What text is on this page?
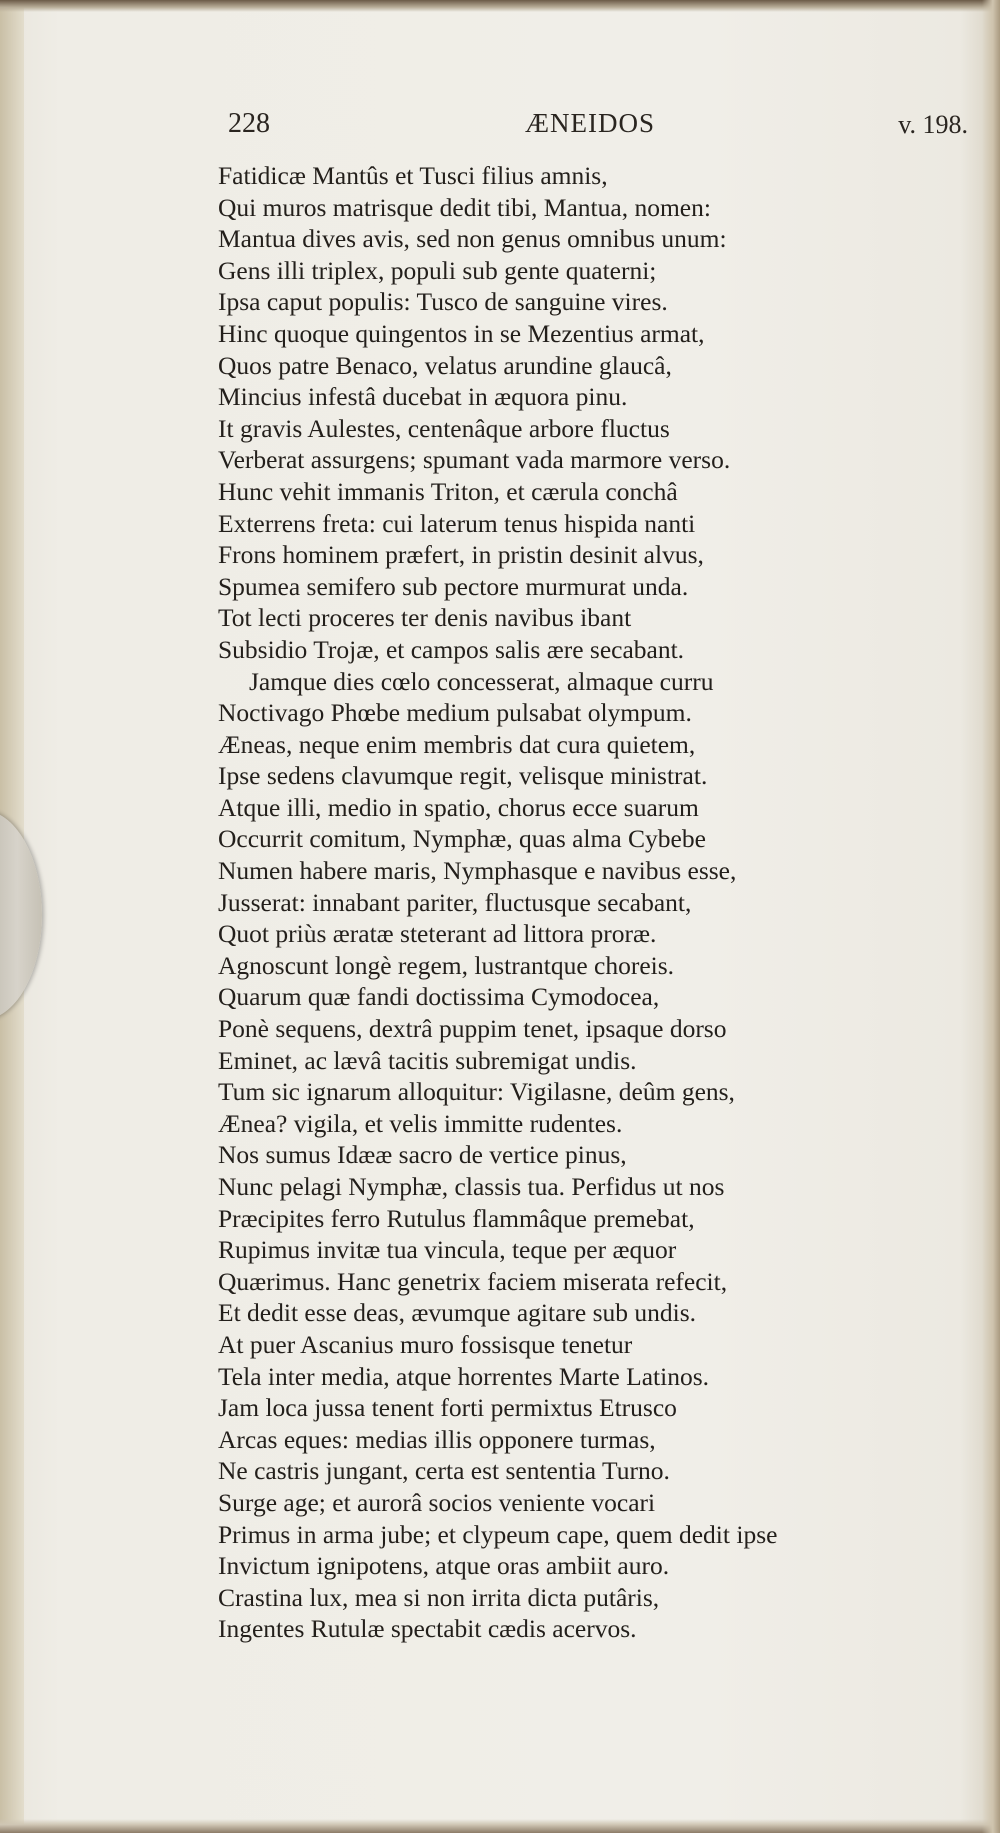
228	ÆNEIDOS	v. 198.
Fatidicæ Mantûs et Tusci filius amnis,
Qui muros matrisque dedit tibi, Mantua, nomen:
Mantua dives avis, sed non genus omnibus unum:
Gens illi triplex, populi sub gente quaterni;
Ipsa caput populis: Tusco de sanguine vires.
Hinc quoque quingentos in se Mezentius armat,
Quos patre Benaco, velatus arundine glaucâ,
Mincius infestâ ducebat in æquora pinu.
It gravis Aulestes, centenâque arbore fluctus
Verberat assurgens; spumant vada marmore verso.
Hunc vehit immanis Triton, et cærula conchâ
Exterrens freta: cui laterum tenus hispida nanti
Frons hominem præfert, in pristin desinit alvus,
Spumea semifero sub pectore murmurat unda.
Tot lecti proceres ter denis navibus ibant
Subsidio Trojæ, et campos salis ære secabant.
Jamque dies cœlo concesserat, almaque curru
Noctivago Phœbe medium pulsabat olympum.
Æneas, neque enim membris dat cura quietem,
Ipse sedens clavumque regit, velisque ministrat.
Atque illi, medio in spatio, chorus ecce suarum
Occurrit comitum, Nymphæ, quas alma Cybebe
Numen habere maris, Nymphasque e navibus esse,
Jusserat: innabant pariter, fluctusque secabant,
Quot priùs æratæ steterant ad littora proræ.
Agnoscunt longè regem, lustrantque choreis.
Quarum quæ fandi doctissima Cymodocea,
Ponè sequens, dextrâ puppim tenet, ipsaque dorso
Eminet, ac lævâ tacitis subremigat undis.
Tum sic ignarum alloquitur: Vigilasne, deûm gens,
Ænea? vigila, et velis immitte rudentes.
Nos sumus Idææ sacro de vertice pinus,
Nunc pelagi Nymphæ, classis tua. Perfidus ut nos
Præcipites ferro Rutulus flammâque premebat,
Rupimus invitæ tua vincula, teque per æquor
Quærimus. Hanc genetrix faciem miserata refecit,
Et dedit esse deas, ævumque agitare sub undis.
At puer Ascanius muro fossisque tenetur
Tela inter media, atque horrentes Marte Latinos.
Jam loca jussa tenent forti permixtus Etrusco
Arcas eques: medias illis opponere turmas,
Ne castris jungant, certa est sententia Turno.
Surge age; et aurorâ socios veniente vocari
Primus in arma jube; et clypeum cape, quem dedit ipse
Invictum ignipotens, atque oras ambiit auro.
Crastina lux, mea si non irrita dicta putâris,
Ingentes Rutulæ spectabit cædis acervos.
